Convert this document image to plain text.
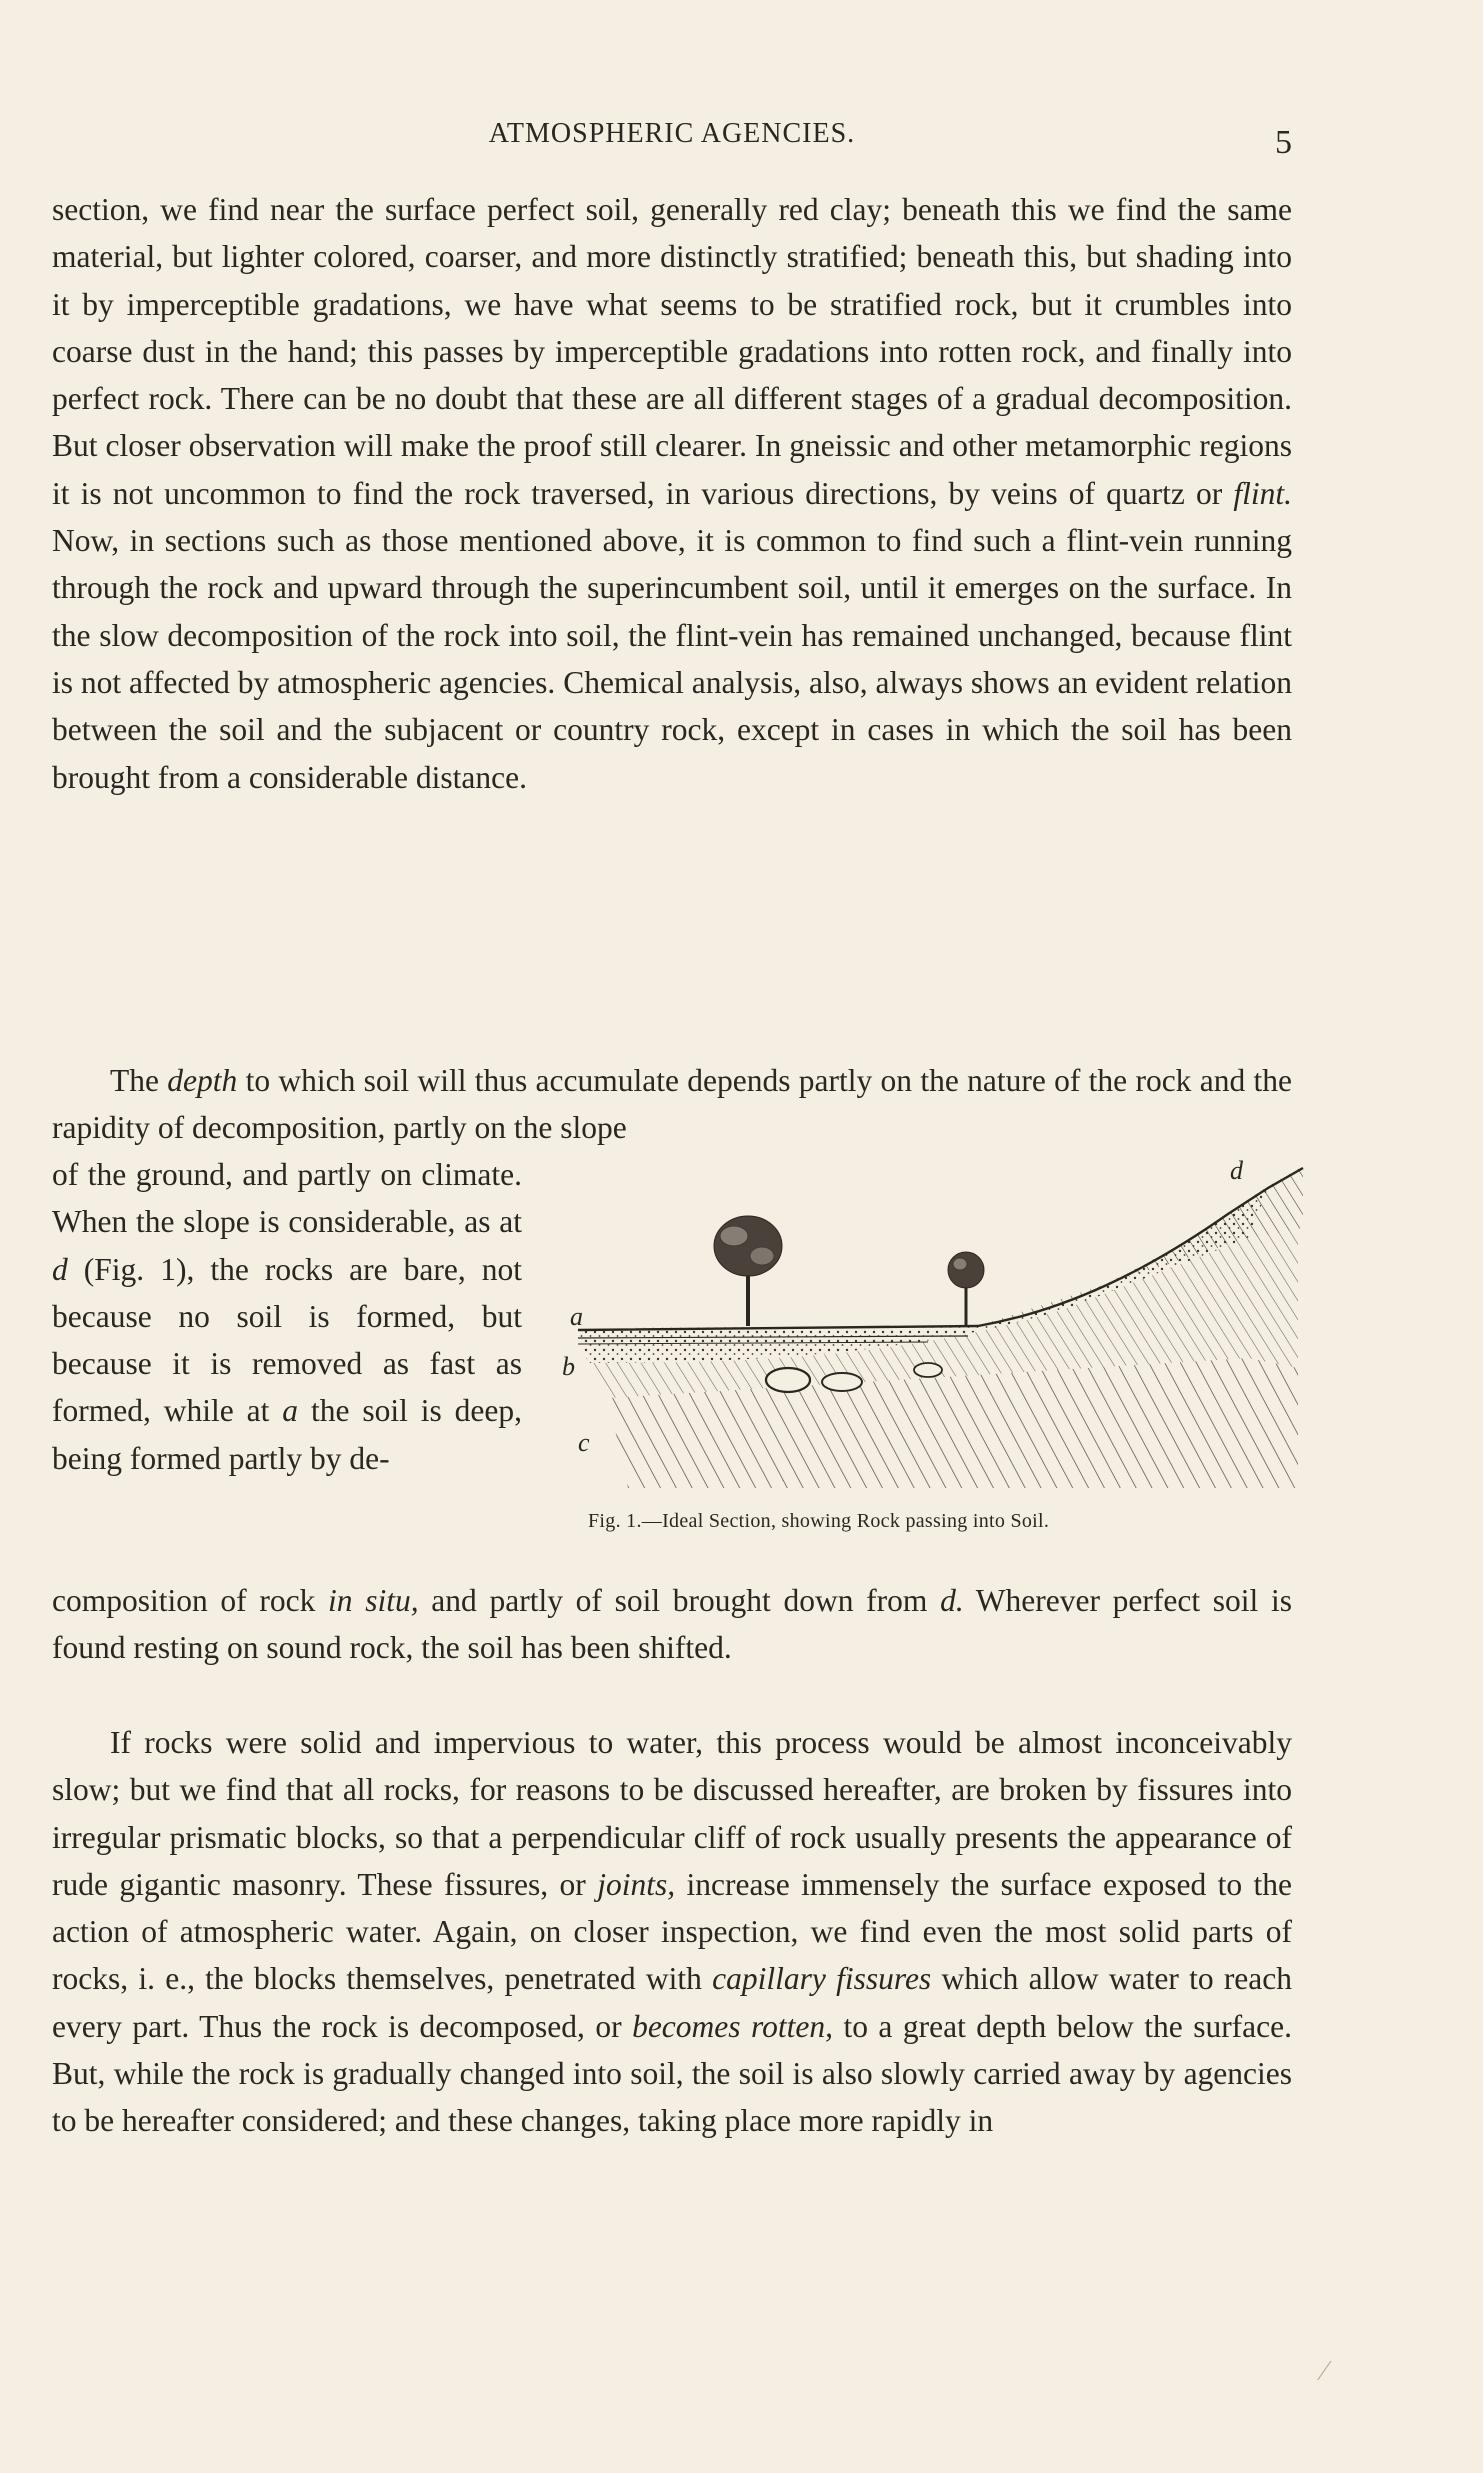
ATMOSPHERIC AGENCIES.	5

section, we find near the surface perfect soil, generally red clay; beneath this we find the same material, but lighter colored, coarser, and more distinctly stratified; beneath this, but shading into it by imperceptible gradations, we have what seems to be stratified rock, but it crumbles into coarse dust in the hand; this passes by imperceptible gradations into rotten rock, and finally into perfect rock. There can be no doubt that these are all different stages of a gradual decomposition. But closer observation will make the proof still clearer. In gneissic and other metamorphic regions it is not uncommon to find the rock traversed, in various directions, by veins of quartz or flint. Now, in sections such as those mentioned above, it is common to find such a flint-vein running through the rock and upward through the superincumbent soil, until it emerges on the surface. In the slow decomposition of the rock into soil, the flint-vein has remained unchanged, because flint is not affected by atmospheric agencies. Chemical analysis, also, always shows an evident relation between the soil and the subjacent or country rock, except in cases in which the soil has been brought from a considerable distance.

The depth to which soil will thus accumulate depends partly on the nature of the rock and the rapidity of decomposition, partly on the slope

of the ground, and partly on climate. When the slope is considerable, as at d (Fig. 1), the rocks are bare, not because no soil is formed, but because it is removed as fast as formed, while at a the soil is deep, being formed partly by de-

a
b
c
d
Fig. 1.—Ideal Section, showing Rock passing into Soil.

composition of rock in situ, and partly of soil brought down from d. Wherever perfect soil is found resting on sound rock, the soil has been shifted.

If rocks were solid and impervious to water, this process would be almost inconceivably slow; but we find that all rocks, for reasons to be discussed hereafter, are broken by fissures into irregular prismatic blocks, so that a perpendicular cliff of rock usually presents the appearance of rude gigantic masonry. These fissures, or joints, increase immensely the surface exposed to the action of atmospheric water. Again, on closer inspection, we find even the most solid parts of rocks, i. e., the blocks themselves, penetrated with capillary fissures which allow water to reach every part. Thus the rock is decomposed, or becomes rotten, to a great depth below the surface. But, while the rock is gradually changed into soil, the soil is also slowly carried away by agencies to be hereafter considered; and these changes, taking place more rapidly in

⁄
